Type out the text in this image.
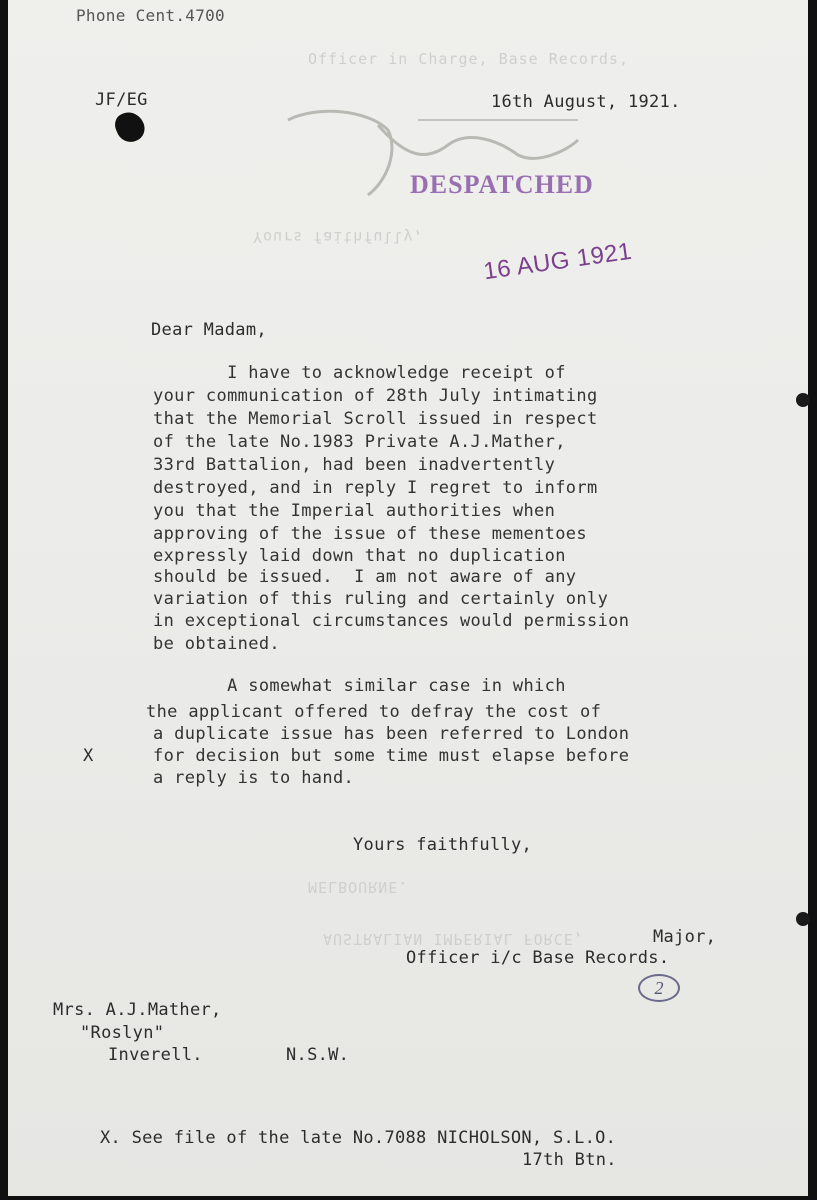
Officer in Charge, Base Records,
Yours faithfully,
AUSTRALIAN IMPERIAL FORCE,
MELBOURNE.
Phone Cent.4700
JF/EG	16th August, 1921.
DESPATCHED
16 AUG 1921
Dear Madam,
I have to acknowledge receipt of
your communication of 28th July intimating
that the Memorial Scroll issued in respect
of the late No.1983 Private A.J.Mather,
33rd Battalion, had been inadvertently
destroyed, and in reply I regret to inform
you that the Imperial authorities when
approving of the issue of these mementoes
expressly laid down that no duplication
should be issued.  I am not aware of any
variation of this ruling and certainly only
in exceptional circumstances would permission
be obtained.
A somewhat similar case in which
the applicant offered to defray the cost of
a duplicate issue has been referred to London
for decision but some time must elapse before
a reply is to hand.
X
Yours faithfully,
Major,
Officer i/c Base Records.
2
Mrs. A.J.Mather,
"Roslyn"
Inverell.	N.S.W.
X. See file of the late No.7088 NICHOLSON, S.L.O.
17th Btn.
